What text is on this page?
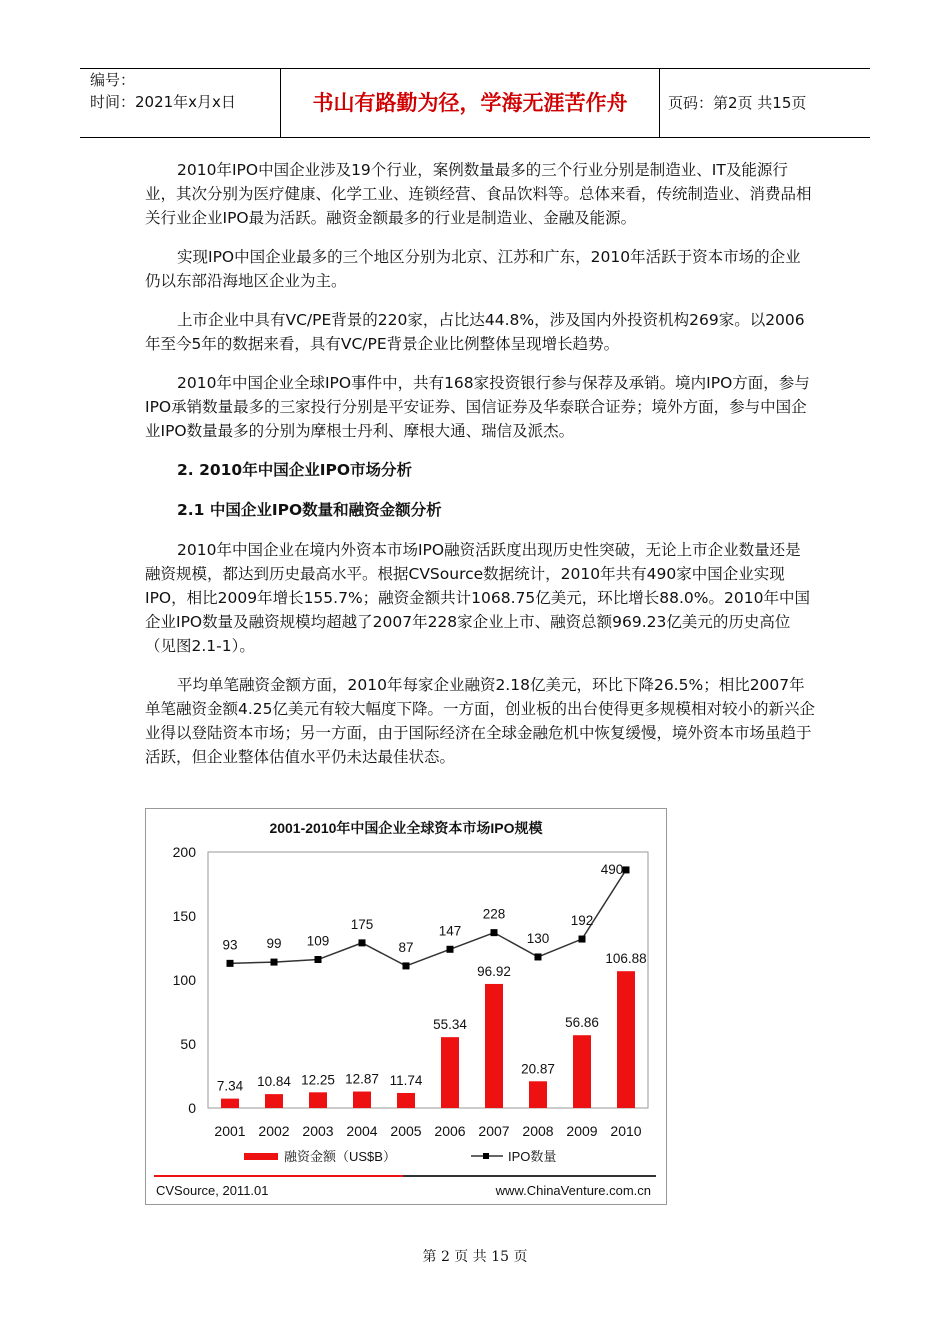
编号：
时间：2021年x月x日	书山有路勤为径，学海无涯苦作舟	页码：第2页 共15页

2010年IPO中国企业涉及19个行业，案例数量最多的三个行业分别是制造业、IT及能源行业，其次分别为医疗健康、化学工业、连锁经营、食品饮料等。总体来看，传统制造业、消费品相关行业企业IPO最为活跃。融资金额最多的行业是制造业、金融及能源。

实现IPO中国企业最多的三个地区分别为北京、江苏和广东，2010年活跃于资本市场的企业仍以东部沿海地区企业为主。

上市企业中具有VC/PE背景的220家，占比达44.8%，涉及国内外投资机构269家。以2006年至今5年的数据来看，具有VC/PE背景企业比例整体呈现增长趋势。

2010年中国企业全球IPO事件中，共有168家投资银行参与保荐及承销。境内IPO方面，参与IPO承销数量最多的三家投行分别是平安证券、国信证券及华泰联合证券；境外方面，参与中国企业IPO数量最多的分别为摩根士丹利、摩根大通、瑞信及派杰。

2. 2010年中国企业IPO市场分析
2.1 中国企业IPO数量和融资金额分析

2010年中国企业在境内外资本市场IPO融资活跃度出现历史性突破，无论上市企业数量还是融资规模，都达到历史最高水平。根据CVSource数据统计，2010年共有490家中国企业实现IPO，相比2009年增长155.7%；融资金额共计1068.75亿美元，环比增长88.0%。2010年中国企业IPO数量及融资规模均超越了2007年228家企业上市、融资总额969.23亿美元的历史高位（见图2.1-1）。

平均单笔融资金额方面，2010年每家企业融资2.18亿美元，环比下降26.5%；相比2007年单笔融资金额4.25亿美元有较大幅度下降。一方面，创业板的出台使得更多规模相对较小的新兴企业得以登陆资本市场；另一方面，由于国际经济在全球金融危机中恢复缓慢，境外资本市场虽趋于活跃，但企业整体估值水平仍未达最佳状态。

2001-2010年中国企业全球资本市场IPO规模
0
50
100
150
200
7.34 10.84 12.25 12.87 11.74
55.34
96.92
20.87
56.86
106.88
93 99 109
175
87
147
228
130
192
490
2001 2002 2003 2004 2005 2006 2007 2008 2009 2010
融资金额（US$B）	IPO数量
CVSource, 2011.01	www.ChinaVenture.com.cn
第 2 页 共 15 页
